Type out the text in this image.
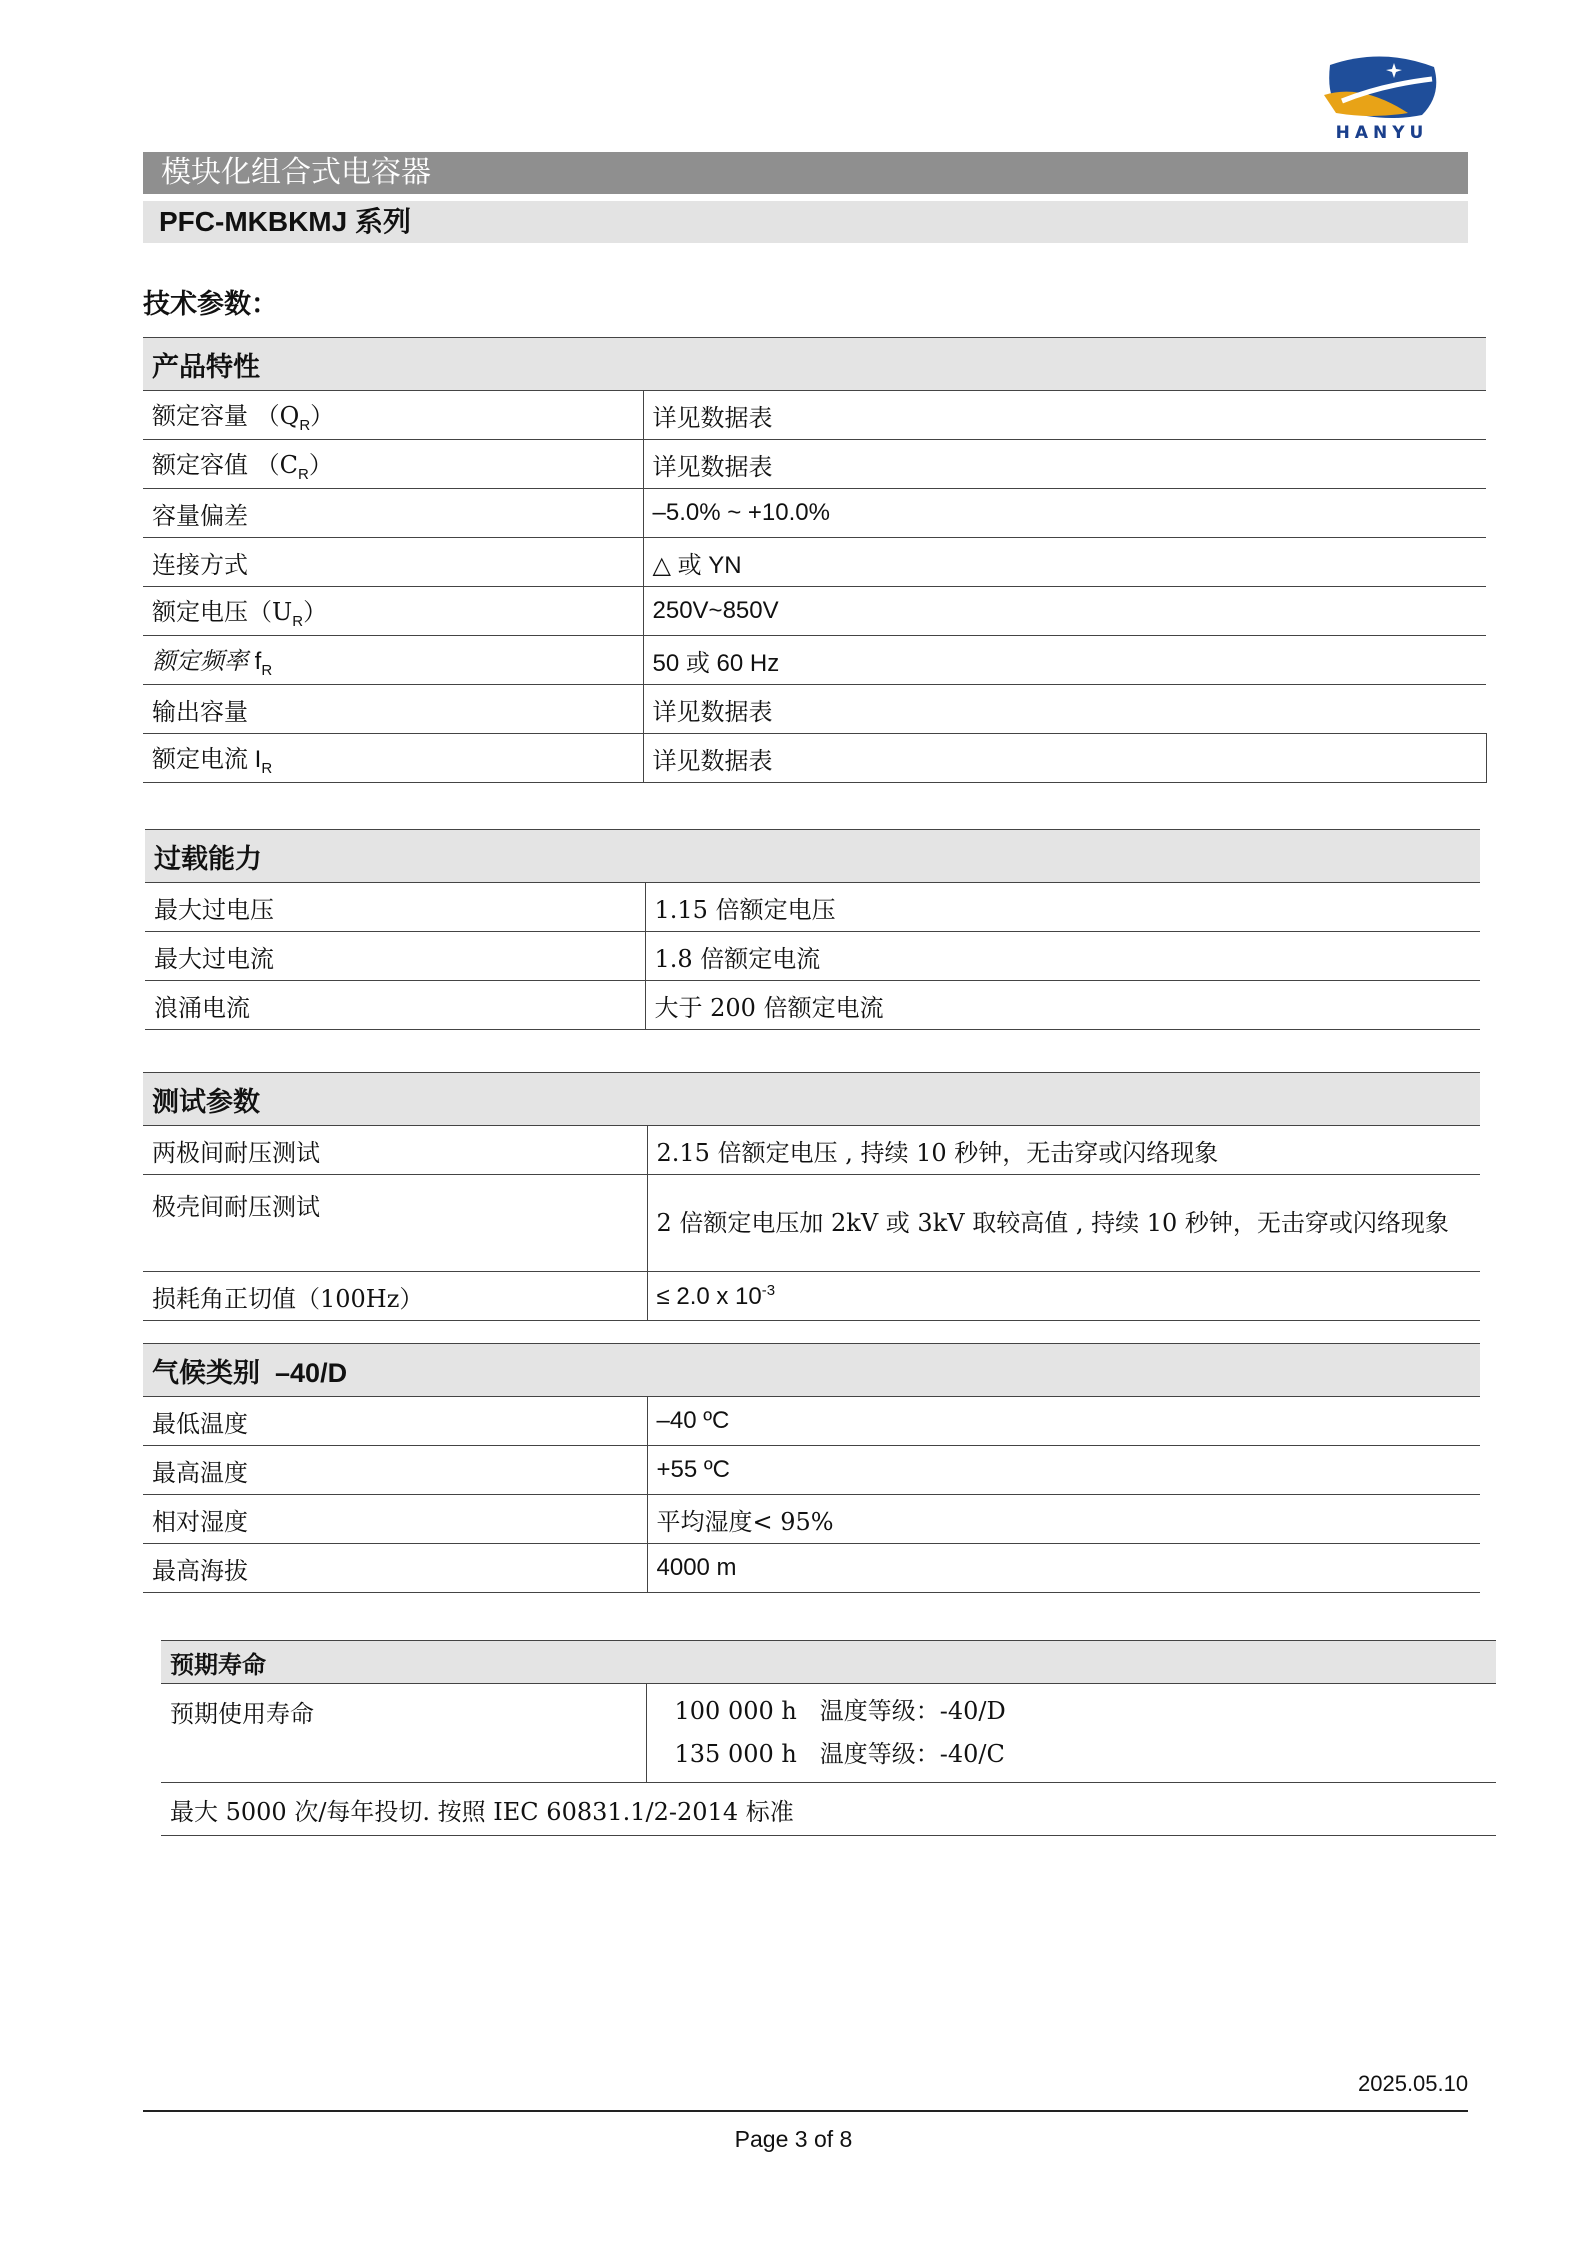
HANYU
模块化组合式电容器
PFC-MKBKMJ 系列
技术参数：
产品特性	
额定容量 $(Q_R)$	详见数据表
额定容值 $(C_R)$	详见数据表
容量偏差	–5.0% ~ +10.0%
连接方式	△ 或 YN
额定电压$(U_R)$	250V~850V
额定频率 $f_R$	50 或 60 Hz
输出容量	详见数据表
额定电流 $I_R$	详见数据表
过载能力	
最大过电压	1.15 倍额定电压
最大过电流	1.8 倍额定电流
浪涌电流	大于 200 倍额定电流
测试参数	
两极间耐压测试	2.15 倍额定电压 , 持续 10 秒钟，无击穿或闪络现象
极壳间耐压测试	2 倍额定电压加 2kV 或 3kV 取较高值 , 持续 10 秒钟，无击穿或闪络现象
损耗角正切值（100Hz）	≤ 2.0 x $10^{-3}$
气候类别 –40/D	
最低温度	–40 ºC
最高温度	+55 ºC
相对湿度	平均湿度< 95%
最高海拔	4000 m
预期寿命
预期使用寿命	100 000 h   温度等级：-40/D
135 000 h   温度等级：-40/C

最大 5000 次/每年投切. 按照 IEC 60831.1/2-2014 标准
2025.05.10
Page 3 of 8
